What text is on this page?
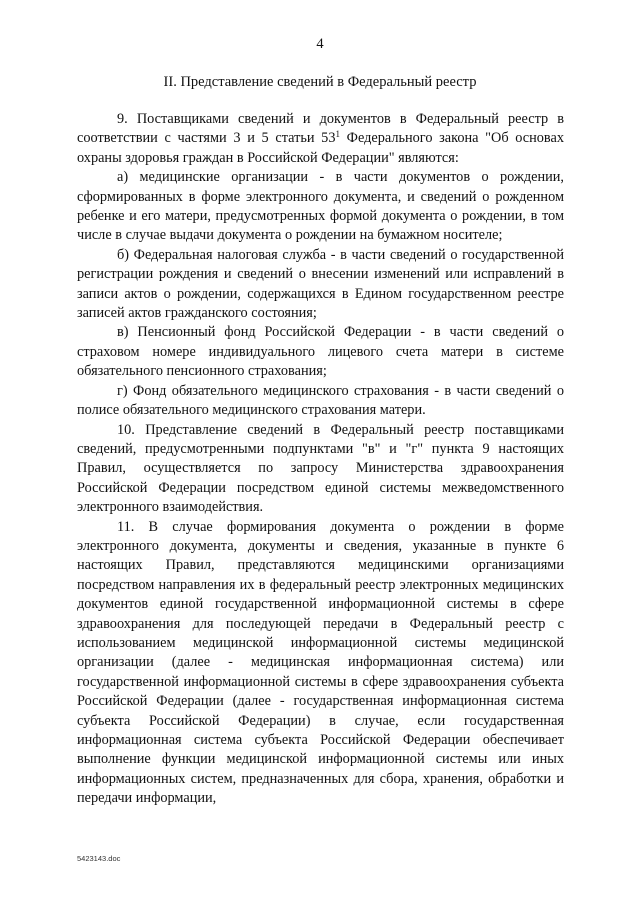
4
II. Представление сведений в Федеральный реестр

9. Поставщиками сведений и документов в Федеральный реестр в соответствии с частями 3 и 5 статьи $53^1$ Федерального закона "Об основах охраны здоровья граждан в Российской Федерации" являются:

а) медицинские организации - в части документов о рождении, сформированных в форме электронного документа, и сведений о рожденном ребенке и его матери, предусмотренных формой документа о рождении, в том числе в случае выдачи документа о рождении на бумажном носителе;

б) Федеральная налоговая служба - в части сведений о государственной регистрации рождения и сведений о внесении изменений или исправлений в записи актов о рождении, содержащихся в Едином государственном реестре записей актов гражданского состояния;

в) Пенсионный фонд Российской Федерации - в части сведений о страховом номере индивидуального лицевого счета матери в системе обязательного пенсионного страхования;

г) Фонд обязательного медицинского страхования - в части сведений о полисе обязательного медицинского страхования матери.

10. Представление сведений в Федеральный реестр поставщиками сведений, предусмотренными подпунктами "в" и "г" пункта 9 настоящих Правил, осуществляется по запросу Министерства здравоохранения Российской Федерации посредством единой системы межведомственного электронного взаимодействия.

11. В случае формирования документа о рождении в форме электронного документа, документы и сведения, указанные в пункте 6 настоящих Правил, представляются медицинскими организациями посредством направления их в федеральный реестр электронных медицинских документов единой государственной информационной системы в сфере здравоохранения для последующей передачи в Федеральный реестр с использованием медицинской информационной системы медицинской организации (далее - медицинская информационная система) или государственной информационной системы в сфере здравоохранения субъекта Российской Федерации (далее - государственная информационная система субъекта Российской Федерации) в случае, если государственная информационная система субъекта Российской Федерации обеспечивает выполнение функции медицинской информационной системы или иных информационных систем, предназначенных для сбора, хранения, обработки и передачи информации,

5423143.doc
